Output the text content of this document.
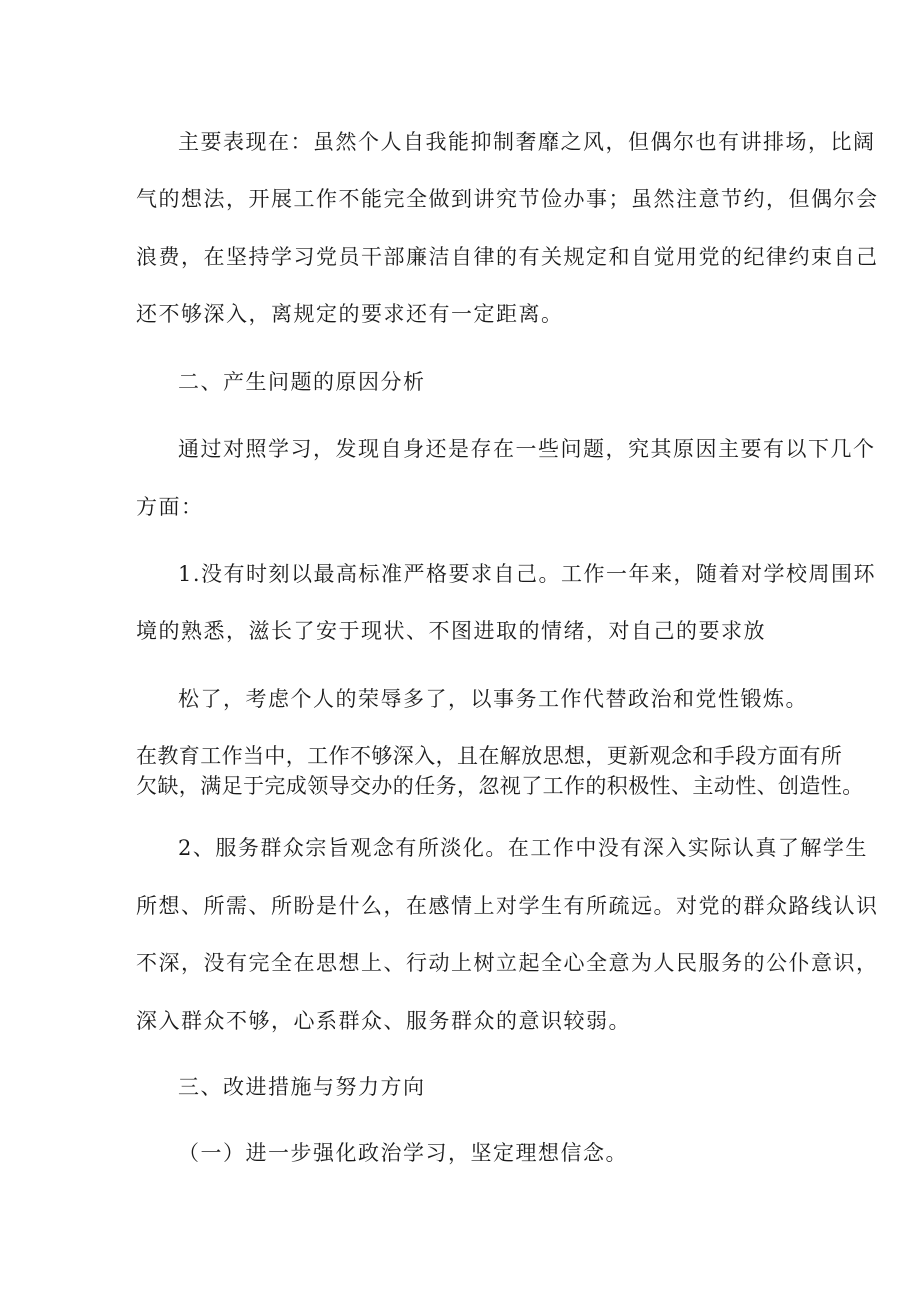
主要表现在：虽然个人自我能抑制奢靡之风，但偶尔也有讲排场，比阔
气的想法，开展工作不能完全做到讲究节俭办事；虽然注意节约，但偶尔会
浪费，在坚持学习党员干部廉洁自律的有关规定和自觉用党的纪律约束自己
还不够深入，离规定的要求还有一定距离。
二、产生问题的原因分析
通过对照学习，发现自身还是存在一些问题，究其原因主要有以下几个
方面：
1.没有时刻以最高标准严格要求自己。工作一年来，随着对学校周围环
境的熟悉，滋长了安于现状、不图进取的情绪，对自己的要求放
松了，考虑个人的荣辱多了，以事务工作代替政治和党性锻炼。
在教育工作当中，工作不够深入，且在解放思想，更新观念和手段方面有所
欠缺，满足于完成领导交办的任务，忽视了工作的积极性、主动性、创造性。
2、服务群众宗旨观念有所淡化。在工作中没有深入实际认真了解学生
所想、所需、所盼是什么，在感情上对学生有所疏远。对党的群众路线认识
不深，没有完全在思想上、行动上树立起全心全意为人民服务的公仆意识，
深入群众不够，心系群众、服务群众的意识较弱。
三、改进措施与努力方向
（一）进一步强化政治学习，坚定理想信念。
